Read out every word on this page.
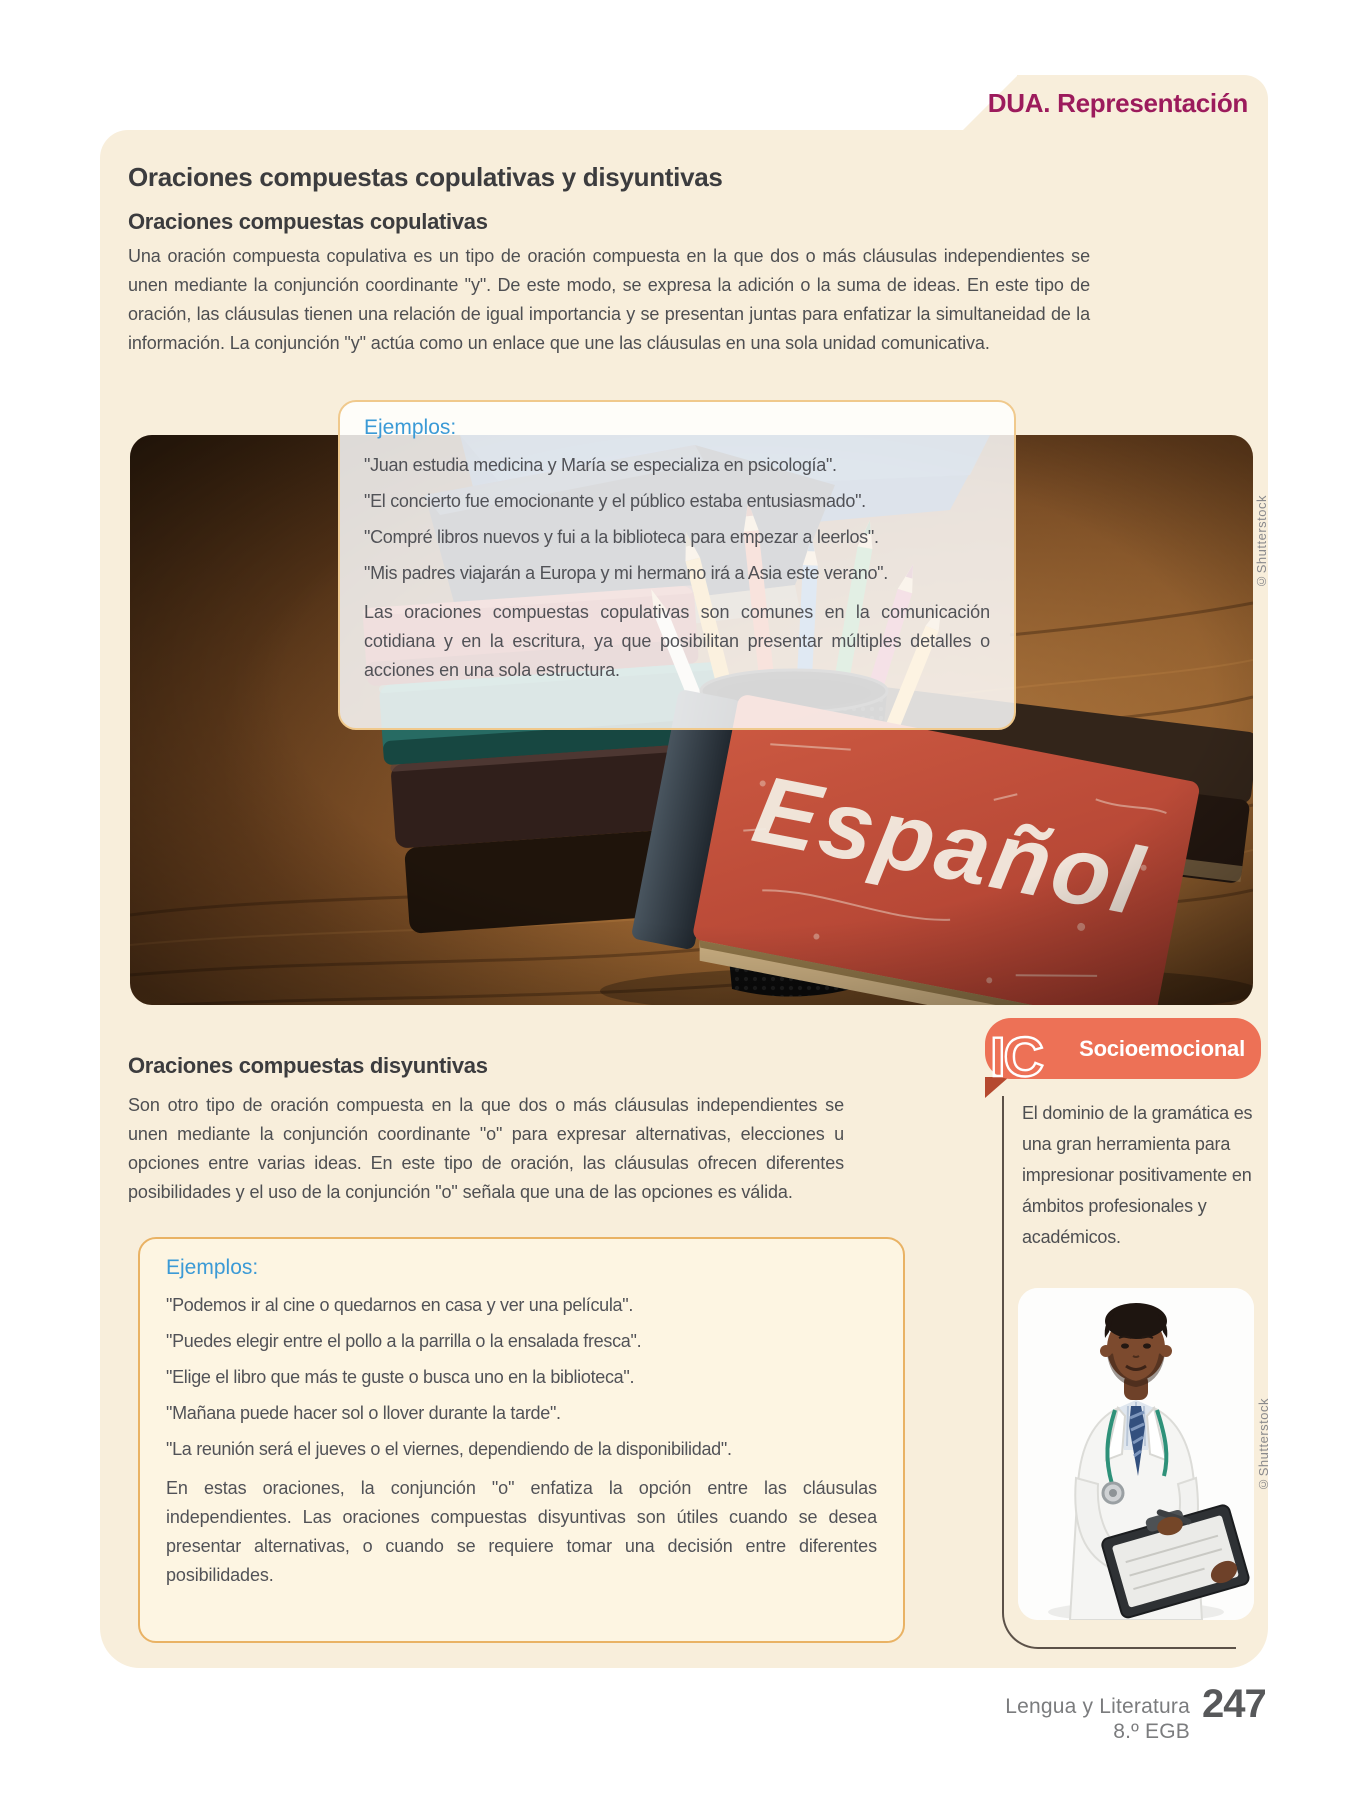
DUA. Representación
Oraciones compuestas copulativas y disyuntivas
Oraciones compuestas copulativas

Una oración compuesta copulativa es un tipo de oración compuesta en la que dos o más cláusulas independientes se unen mediante la conjunción coordinante "y". De este modo, se expresa la adición o la suma de ideas. En este tipo de oración, las cláusulas tienen una relación de igual importancia y se presentan juntas para enfatizar la simultaneidad de la información. La conjunción "y" actúa como un enlace que une las cláusulas en una sola unidad comunicativa.

©Shutterstock

Ejemplos:

"Juan estudia medicina y María se especializa en psicología".

"El concierto fue emocionante y el público estaba entusiasmado".

"Compré libros nuevos y fui a la biblioteca para empezar a leerlos".

"Mis padres viajarán a Europa y mi hermano irá a Asia este verano".

Las oraciones compuestas copulativas son comunes en la comunicación cotidiana y en la escritura, ya que posibilitan presentar múltiples detalles o acciones en una sola estructura.

Oraciones compuestas disyuntivas

Son otro tipo de oración compuesta en la que dos o más cláusulas independientes se unen mediante la conjunción coordinante "o" para expresar alternativas, elecciones u opciones entre varias ideas. En este tipo de oración, las cláusulas ofrecen diferentes posibilidades y el uso de la conjunción "o" señala que una de las opciones es válida.

Ejemplos:

"Podemos ir al cine o quedarnos en casa y ver una película".

"Puedes elegir entre el pollo a la parrilla o la ensalada fresca".

"Elige el libro que más te guste o busca uno en la biblioteca".

"Mañana puede hacer sol o llover durante la tarde".

"La reunión será el jueves o el viernes, dependiendo de la disponibilidad".

En estas oraciones, la conjunción "o" enfatiza la opción entre las cláusulas independientes. Las oraciones compuestas disyuntivas son útiles cuando se desea presentar alternativas, o cuando se requiere tomar una decisión entre diferentes posibilidades.

Socioemocional
IC
El dominio de la gramática es una gran herramienta para impresionar positivamente en ámbitos profesionales y académicos.
©Shutterstock
Lengua y Literatura
8.º EGB
247
